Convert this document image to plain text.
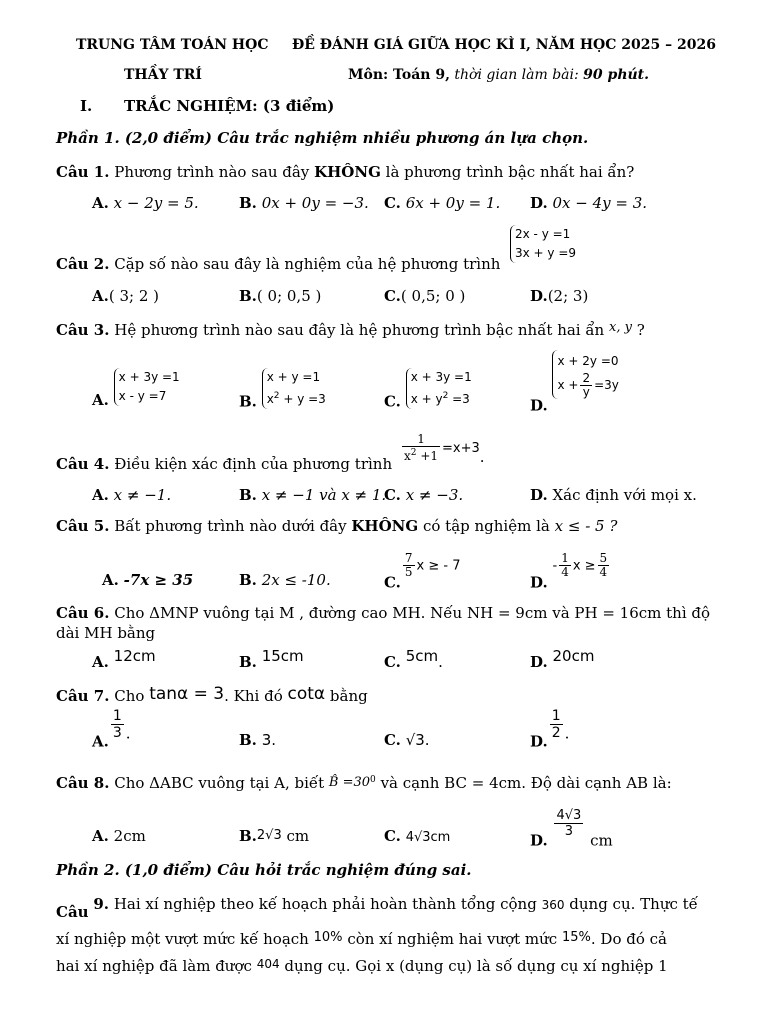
TRUNG TÂM TOÁN HỌC ĐỀ ĐÁNH GIÁ GIỮA HỌC KÌ I, NĂM HỌC 2025 – 2026
THẦY TRÍ	Môn: Toán 9, thời gian làm bài: 90 phút.
I. TRẮC NGHIỆM: (3 điểm)
Phần 1. (2,0 điểm) Câu trắc nghiệm nhiều phương án lựa chọn.
Câu 1. Phương trình nào sau đây KHÔNG là phương trình bậc nhất hai ẩn?
A. x − 2y = 5.	B. 0x + 0y = −3. C. 6x + 0y = 1. D. 0x − 4y = 3.
Câu 2. Cặp số nào sau đây là nghiệm của hệ phương trình
2x - y =1
3x + y =9
A.( 3; 2 )	B.( 0; 0,5 )	C.( 0,5; 0 )	D.(2; 3)
Câu 3. Hệ phương trình nào sau đây là hệ phương trình bậc nhất hai ẩn x, y ?
A.
x + 3y =1
x - y =7	B.
x + y =1
$x^2 + y =3$	C.
x + 3y =1
$x + y^2 =3$	D.
x + 2y =0
$x + \frac{2}{y} =3y$
Câu 4. Điều kiện xác định của phương trình
$\frac{1}{x^2 +1} =x+3$.
A. x ≠ −1.	B. x ≠ −1 và x ≠ 1.
C. x ≠ −3.	D. Xác định với mọi x.
Câu 5. Bất phương trình nào dưới đây KHÔNG có tập nghiệm là x ≤ - 5 ?
A. -7x ≥ 35	B. 2x ≤ -10.	C.
$\frac{7}{5}$ x ≥ - 7
D. - $\frac{1}{4}$ $x \ge \frac{5}{4}$
Câu 6. Cho ΔMNP vuông tại M , đường cao MH. Nếu NH = 9cm và PH = 16cm thì độ
dài MH bằng
A. 12cm	B. 15cm	C. 5cm.	D. 20cm
Câu 7. Cho tanα = 3. Khi đó cotα bằng
A.
$\frac{1}{3}$ .	B. 3.	C. √3.	D.
$\frac{1}{2}$ .
Câu 8. Cho ΔABC vuông tại A, biết B̂ $=30^0$ và cạnh BC = 4cm. Độ dài cạnh AB là:
A. 2cm	B.2√3 cm	C. 4√3cm	D.
$\frac{4√3}{3}$
cm
Phần 2. (1,0 điểm) Câu hỏi trắc nghiệm đúng sai.
Câu 9. Hai xí nghiệp theo kế hoạch phải hoàn thành tổng cộng 360 dụng cụ. Thực tế
xí nghiệp một vượt mức kế hoạch 10% còn xí nghiệm hai vượt mức 15%. Do đó cả
hai xí nghiệp đã làm được $^{404}$ dụng cụ. Gọi x (dụng cụ) là số dụng cụ xí nghiệp 1
